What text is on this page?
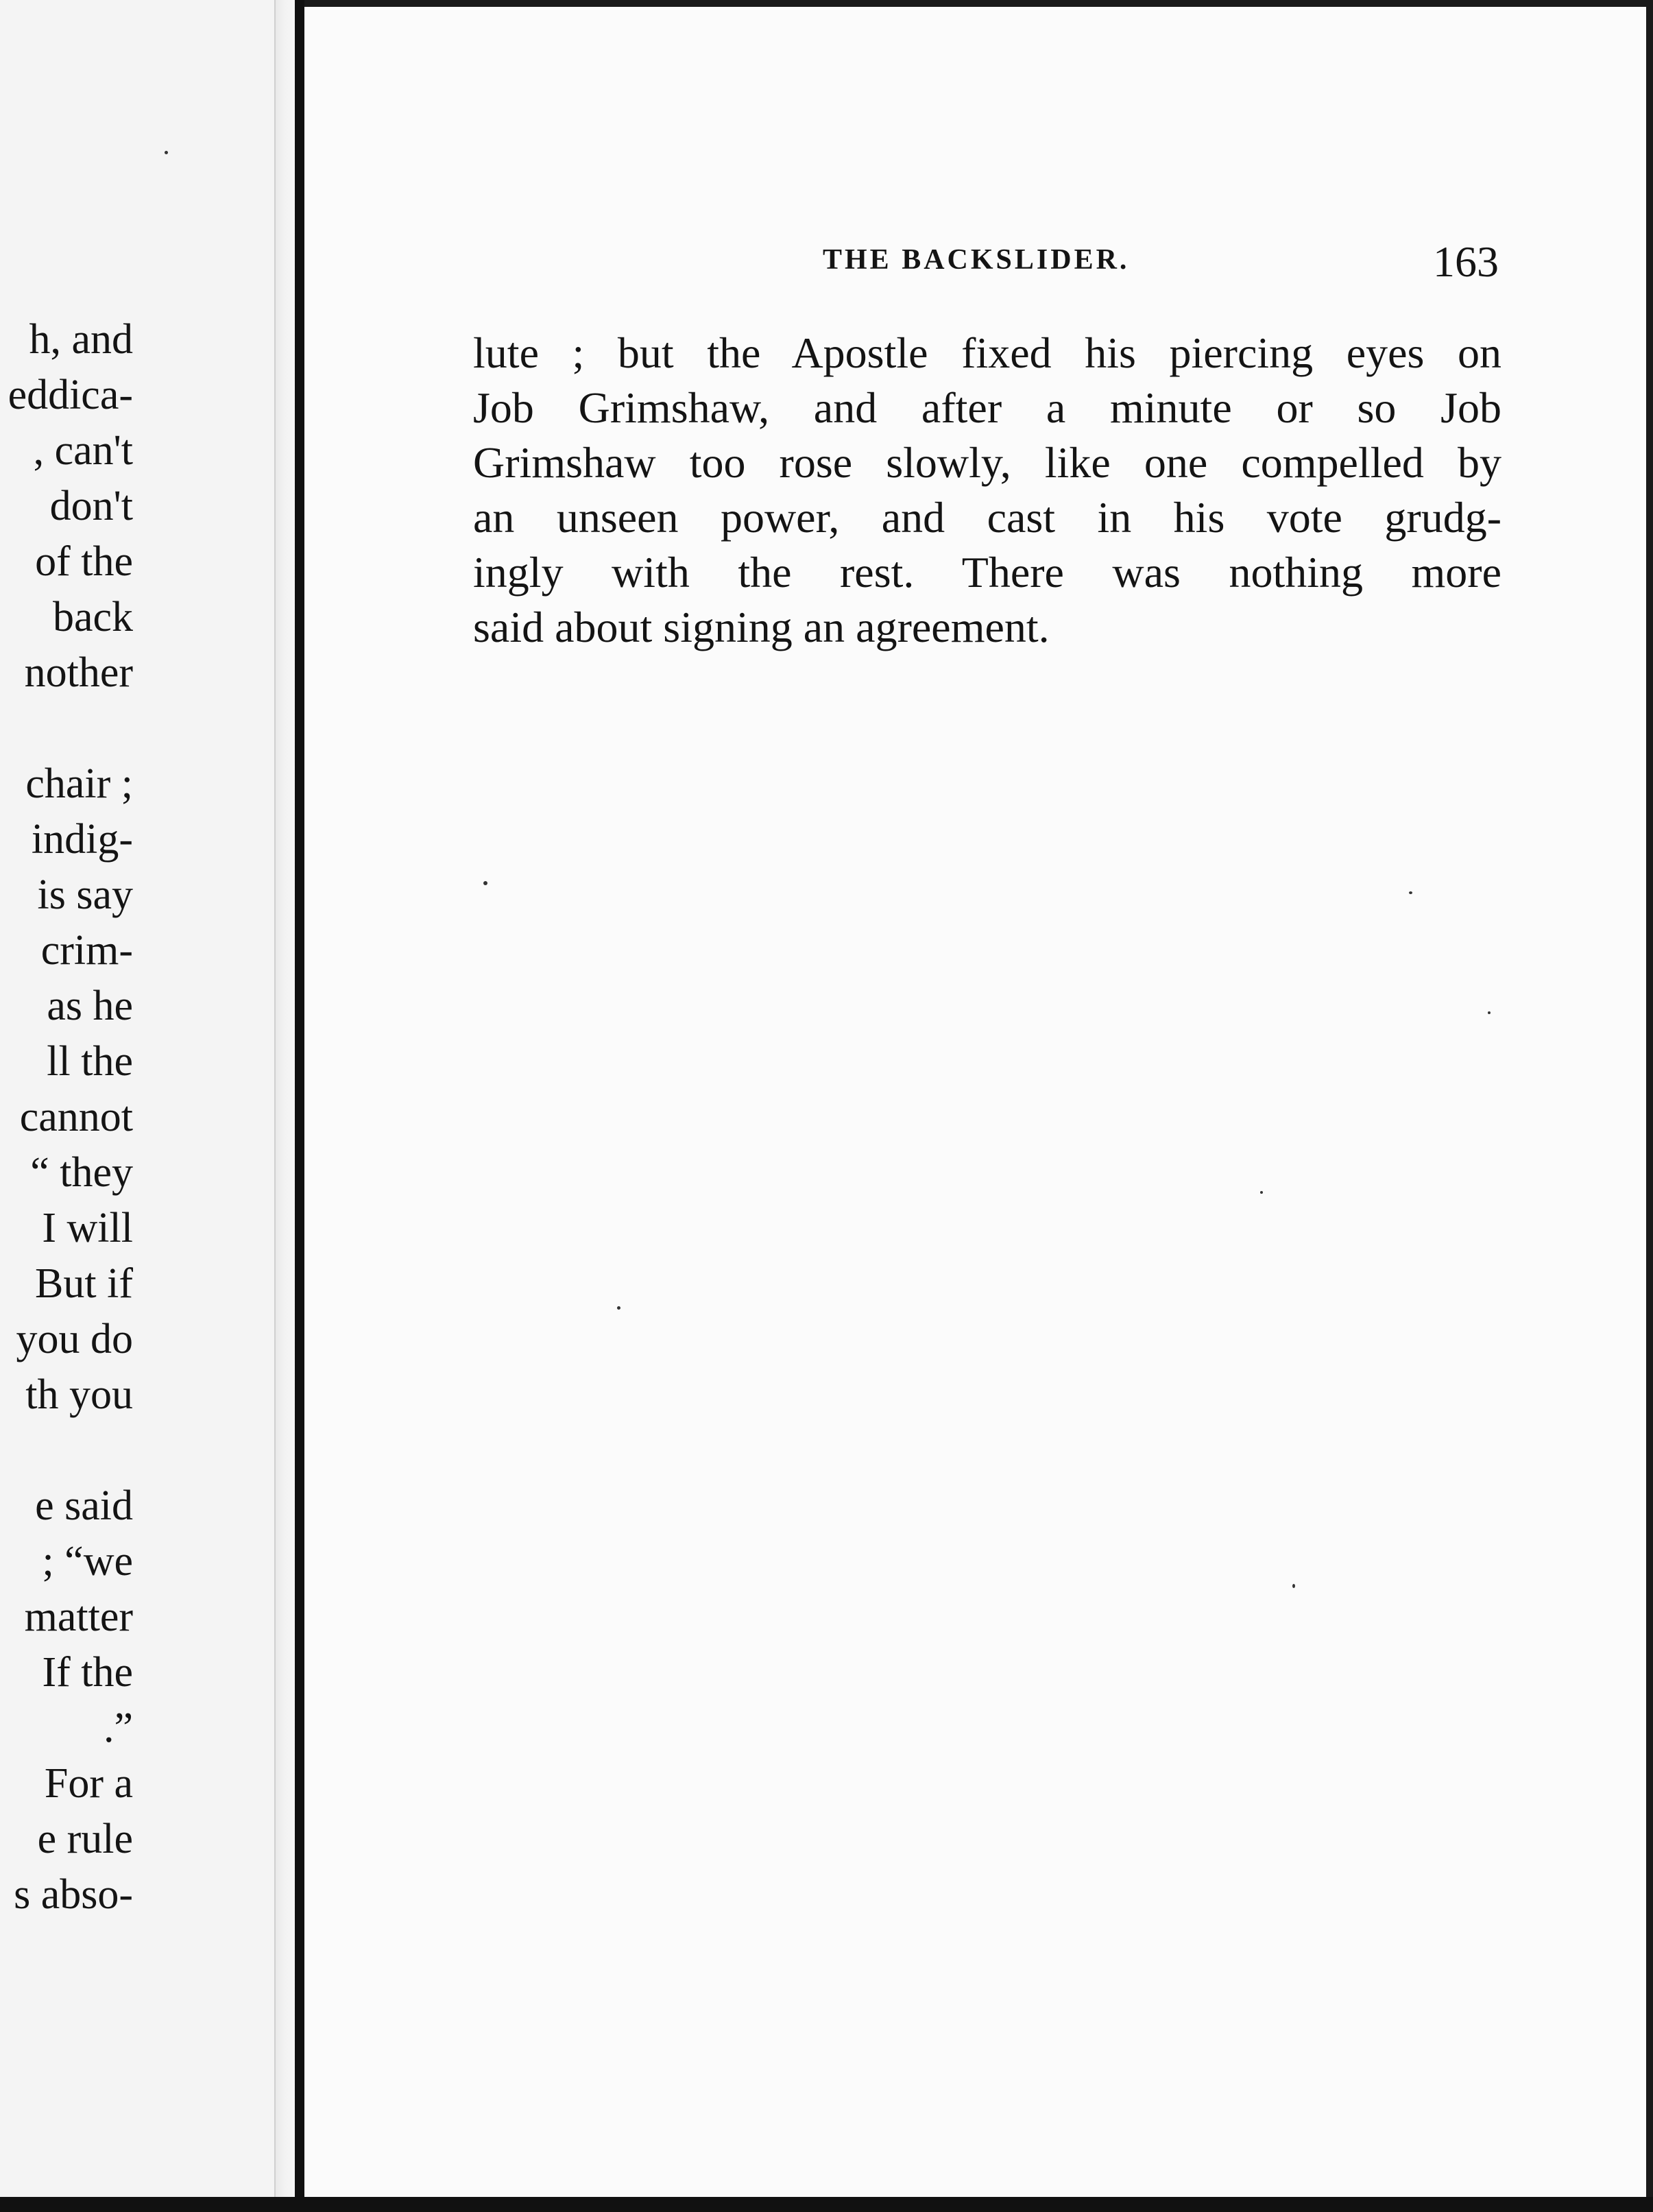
h, and
eddica-
, can't
don't
of the
back
nother
chair ;
indig-
is say
crim-
as he
ll the
cannot
“ they
I will
But if
you do
th you
e said
; “we
matter
If the
.”
For a
e rule
s abso-
THE BACKSLIDER.	163
lute ; but the Apostle fixed his piercing eyes on
Job Grimshaw, and after a minute or so Job
Grimshaw too rose slowly, like one compelled by
an unseen power, and cast in his vote grudg-
ingly with the rest. There was nothing more
said about signing an agreement.
